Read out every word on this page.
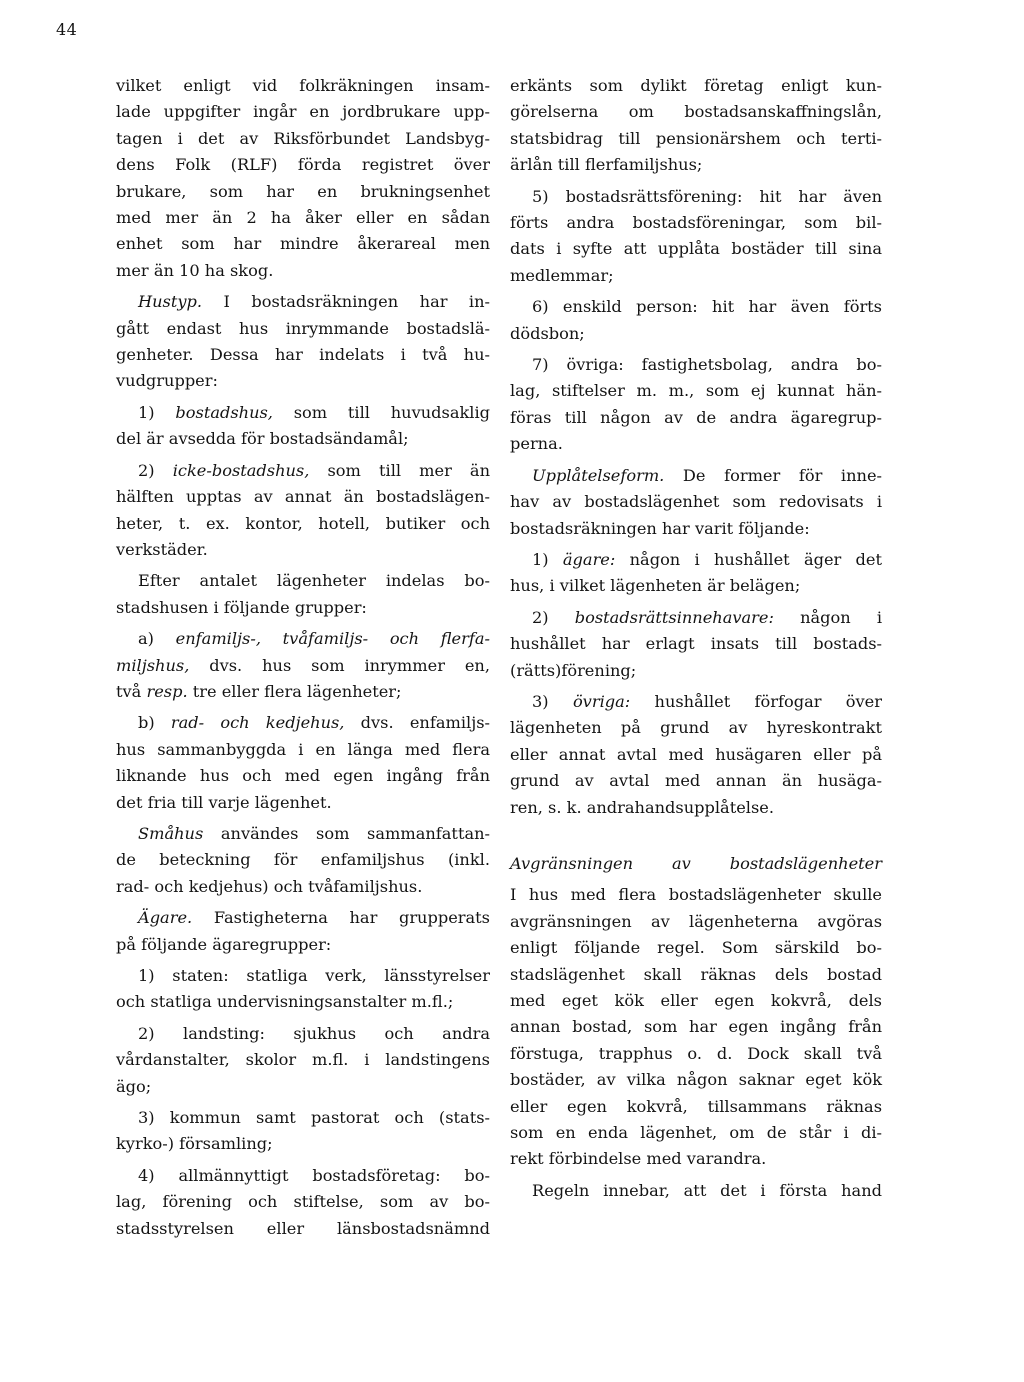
44

vilket enligt vid folkräkningen insam-

lade uppgifter ingår en jordbrukare upp-

tagen i det av Riksförbundet Landsbyg-

dens Folk (RLF) förda registret över

brukare, som har en brukningsenhet

med mer än 2 ha åker eller en sådan

enhet som har mindre åkerareal men

mer än 10 ha skog.

Hustyp. I bostadsräkningen har in-

gått endast hus inrymmande bostadslä-

genheter. Dessa har indelats i två hu-

vudgrupper:

1) bostadshus, som till huvudsaklig

del är avsedda för bostadsändamål;

2) icke-bostadshus, som till mer än

hälften upptas av annat än bostadslägen-

heter, t. ex. kontor, hotell, butiker och

verkstäder.

Efter antalet lägenheter indelas bo-

stadshusen i följande grupper:

a) enfamiljs-, tvåfamiljs- och flerfa-

miljshus, dvs. hus som inrymmer en,

två resp. tre eller flera lägenheter;

b) rad- och kedjehus, dvs. enfamiljs-

hus sammanbyggda i en länga med flera

liknande hus och med egen ingång från

det fria till varje lägenhet.

Småhus användes som sammanfattan-

de beteckning för enfamiljshus (inkl.

rad- och kedjehus) och tvåfamiljshus.

Ägare. Fastigheterna har grupperats

på följande ägaregrupper:

1) staten: statliga verk, länsstyrelser

och statliga undervisningsanstalter m.fl.;

2) landsting: sjukhus och andra

vårdanstalter, skolor m.fl. i landstingens

ägo;

3) kommun samt pastorat och (stats-

kyrko-) församling;

4) allmännyttigt bostadsföretag: bo-

lag, förening och stiftelse, som av bo-

stadsstyrelsen eller länsbostadsnämnd

erkänts som dylikt företag enligt kun-

görelserna om bostadsanskaffningslån,

statsbidrag till pensionärshem och terti-

ärlån till flerfamiljshus;

5) bostadsrättsförening: hit har även

förts andra bostadsföreningar, som bil-

dats i syfte att upplåta bostäder till sina

medlemmar;

6) enskild person: hit har även förts

dödsbon;

7) övriga: fastighetsbolag, andra bo-

lag, stiftelser m. m., som ej kunnat hän-

föras till någon av de andra ägaregrup-

perna.

Upplåtelseform. De former för inne-

hav av bostadslägenhet som redovisats i

bostadsräkningen har varit följande:

1) ägare: någon i hushållet äger det

hus, i vilket lägenheten är belägen;

2) bostadsrättsinnehavare: någon i

hushållet har erlagt insats till bostads-

(rätts)förening;

3) övriga: hushållet förfogar över

lägenheten på grund av hyreskontrakt

eller annat avtal med husägaren eller på

grund av avtal med annan än husäga-

ren, s. k. andrahandsupplåtelse.

Avgränsningen av bostadslägenheter

I hus med flera bostadslägenheter skulle

avgränsningen av lägenheterna avgöras

enligt följande regel. Som särskild bo-

stadslägenhet skall räknas dels bostad

med eget kök eller egen kokvrå, dels

annan bostad, som har egen ingång från

förstuga, trapphus o. d. Dock skall två

bostäder, av vilka någon saknar eget kök

eller egen kokvrå, tillsammans räknas

som en enda lägenhet, om de står i di-

rekt förbindelse med varandra.

Regeln innebar, att det i första hand
